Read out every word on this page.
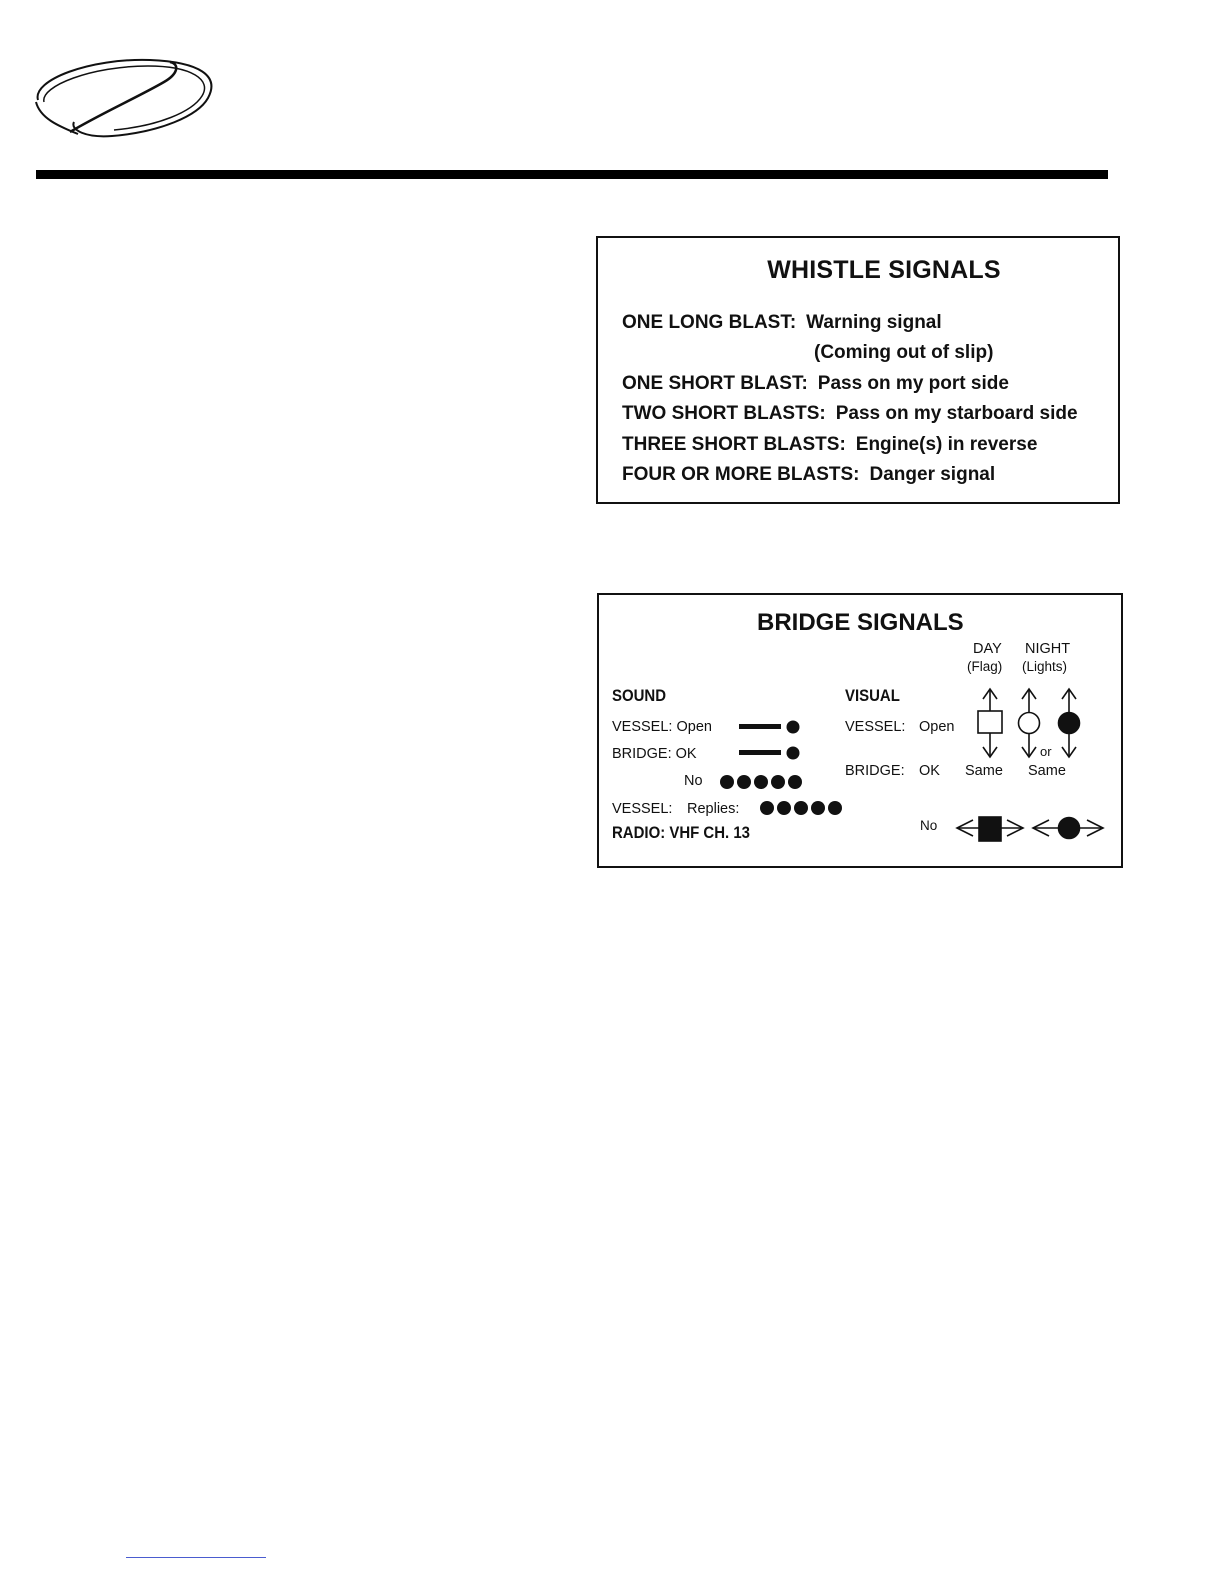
WHISTLE SIGNALS
ONE LONG BLAST: Warning signal
(Coming out of slip)
ONE SHORT BLAST: Pass on my port side
TWO SHORT BLASTS: Pass on my starboard side
THREE SHORT BLASTS: Engine(s) in reverse
FOUR OR MORE BLASTS: Danger signal
BRIDGE SIGNALS
DAY
(Flag)
NIGHT
(Lights)
SOUND
VESSEL: Open
BRIDGE: OK
No
VESSEL: Replies:
RADIO: VHF CH. 13
VISUAL
VESSEL: Open
BRIDGE: OK Same Same
or
No
